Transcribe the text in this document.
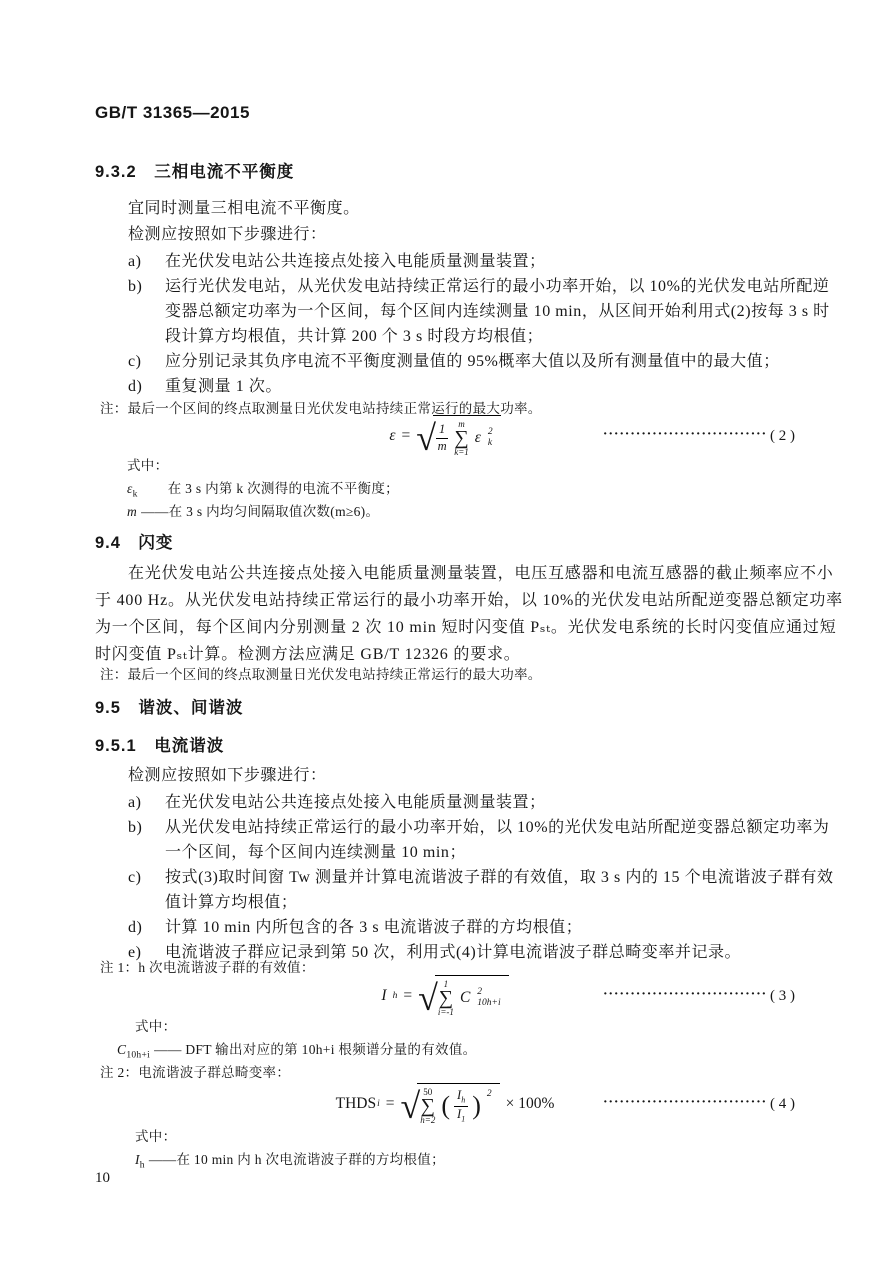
GB/T 31365—2015
9.3.2　三相电流不平衡度
宜同时测量三相电流不平衡度。
检测应按照如下步骤进行：
a)	在光伏发电站公共连接点处接入电能质量测量装置；
b)	运行光伏发电站，从光伏发电站持续正常运行的最小功率开始，以 10%的光伏发电站所配逆
变器总额定功率为一个区间，每个区间内连续测量 10 min，从区间开始利用式(2)按每 3 s 时
段计算方均根值，共计算 200 个 3 s 时段方均根值；
c)	应分别记录其负序电流不平衡度测量值的 95%概率大值以及所有测量值中的最大值；
d)	重复测量 1 次。
注：最后一个区间的终点取测量日光伏发电站持续正常运行的最大功率。
ε = √ $\frac{1}{m}$ m
∑
k=1
ε 2
k
······························ ( 2 )
式中：
$\varepsilon_k$ 在 3 s 内第 k 次测得的电流不平衡度；
m ——在 3 s 内均匀间隔取值次数(m≥6)。
9.4　闪变
在光伏发电站公共连接点处接入电能质量测量装置，电压互感器和电流互感器的截止频率应不小
于 400 Hz。从光伏发电站持续正常运行的最小功率开始，以 10%的光伏发电站所配逆变器总额定功率
为一个区间，每个区间内分别测量 2 次 10 min 短时闪变值 Pₛₜ。光伏发电系统的长时闪变值应通过短
时闪变值 Pₛₜ计算。检测方法应满足 GB/T 12326 的要求。
注：最后一个区间的终点取测量日光伏发电站持续正常运行的最大功率。
9.5　谐波、间谐波
9.5.1　电流谐波
检测应按照如下步骤进行：
a)	在光伏发电站公共连接点处接入电能质量测量装置；
b)	从光伏发电站持续正常运行的最小功率开始，以 10%的光伏发电站所配逆变器总额定功率为
一个区间，每个区间内连续测量 10 min；
c)	按式(3)取时间窗 Tw 测量并计算电流谐波子群的有效值，取 3 s 内的 15 个电流谐波子群有效
值计算方均根值；
d)	计算 10 min 内所包含的各 3 s 电流谐波子群的方均根值；
e)	电流谐波子群应记录到第 50 次，利用式(4)计算电流谐波子群总畸变率并记录。
注 1：h 次电流谐波子群的有效值：
I h = √ 1
∑
i=-1
C 2
10h+i
······························ ( 3 )
式中：
$C_{10h+i}$ —— DFT 输出对应的第 10h+i 根频谱分量的有效值。
注 2：电流谐波子群总畸变率：
THDS i = √ 50
∑
h=2 ( $\frac{I_h}{I_1}$ ) 2
× 100%	······························ ( 4 )
式中：
$I_h$ ——在 10 min 内 h 次电流谐波子群的方均根值；
10
